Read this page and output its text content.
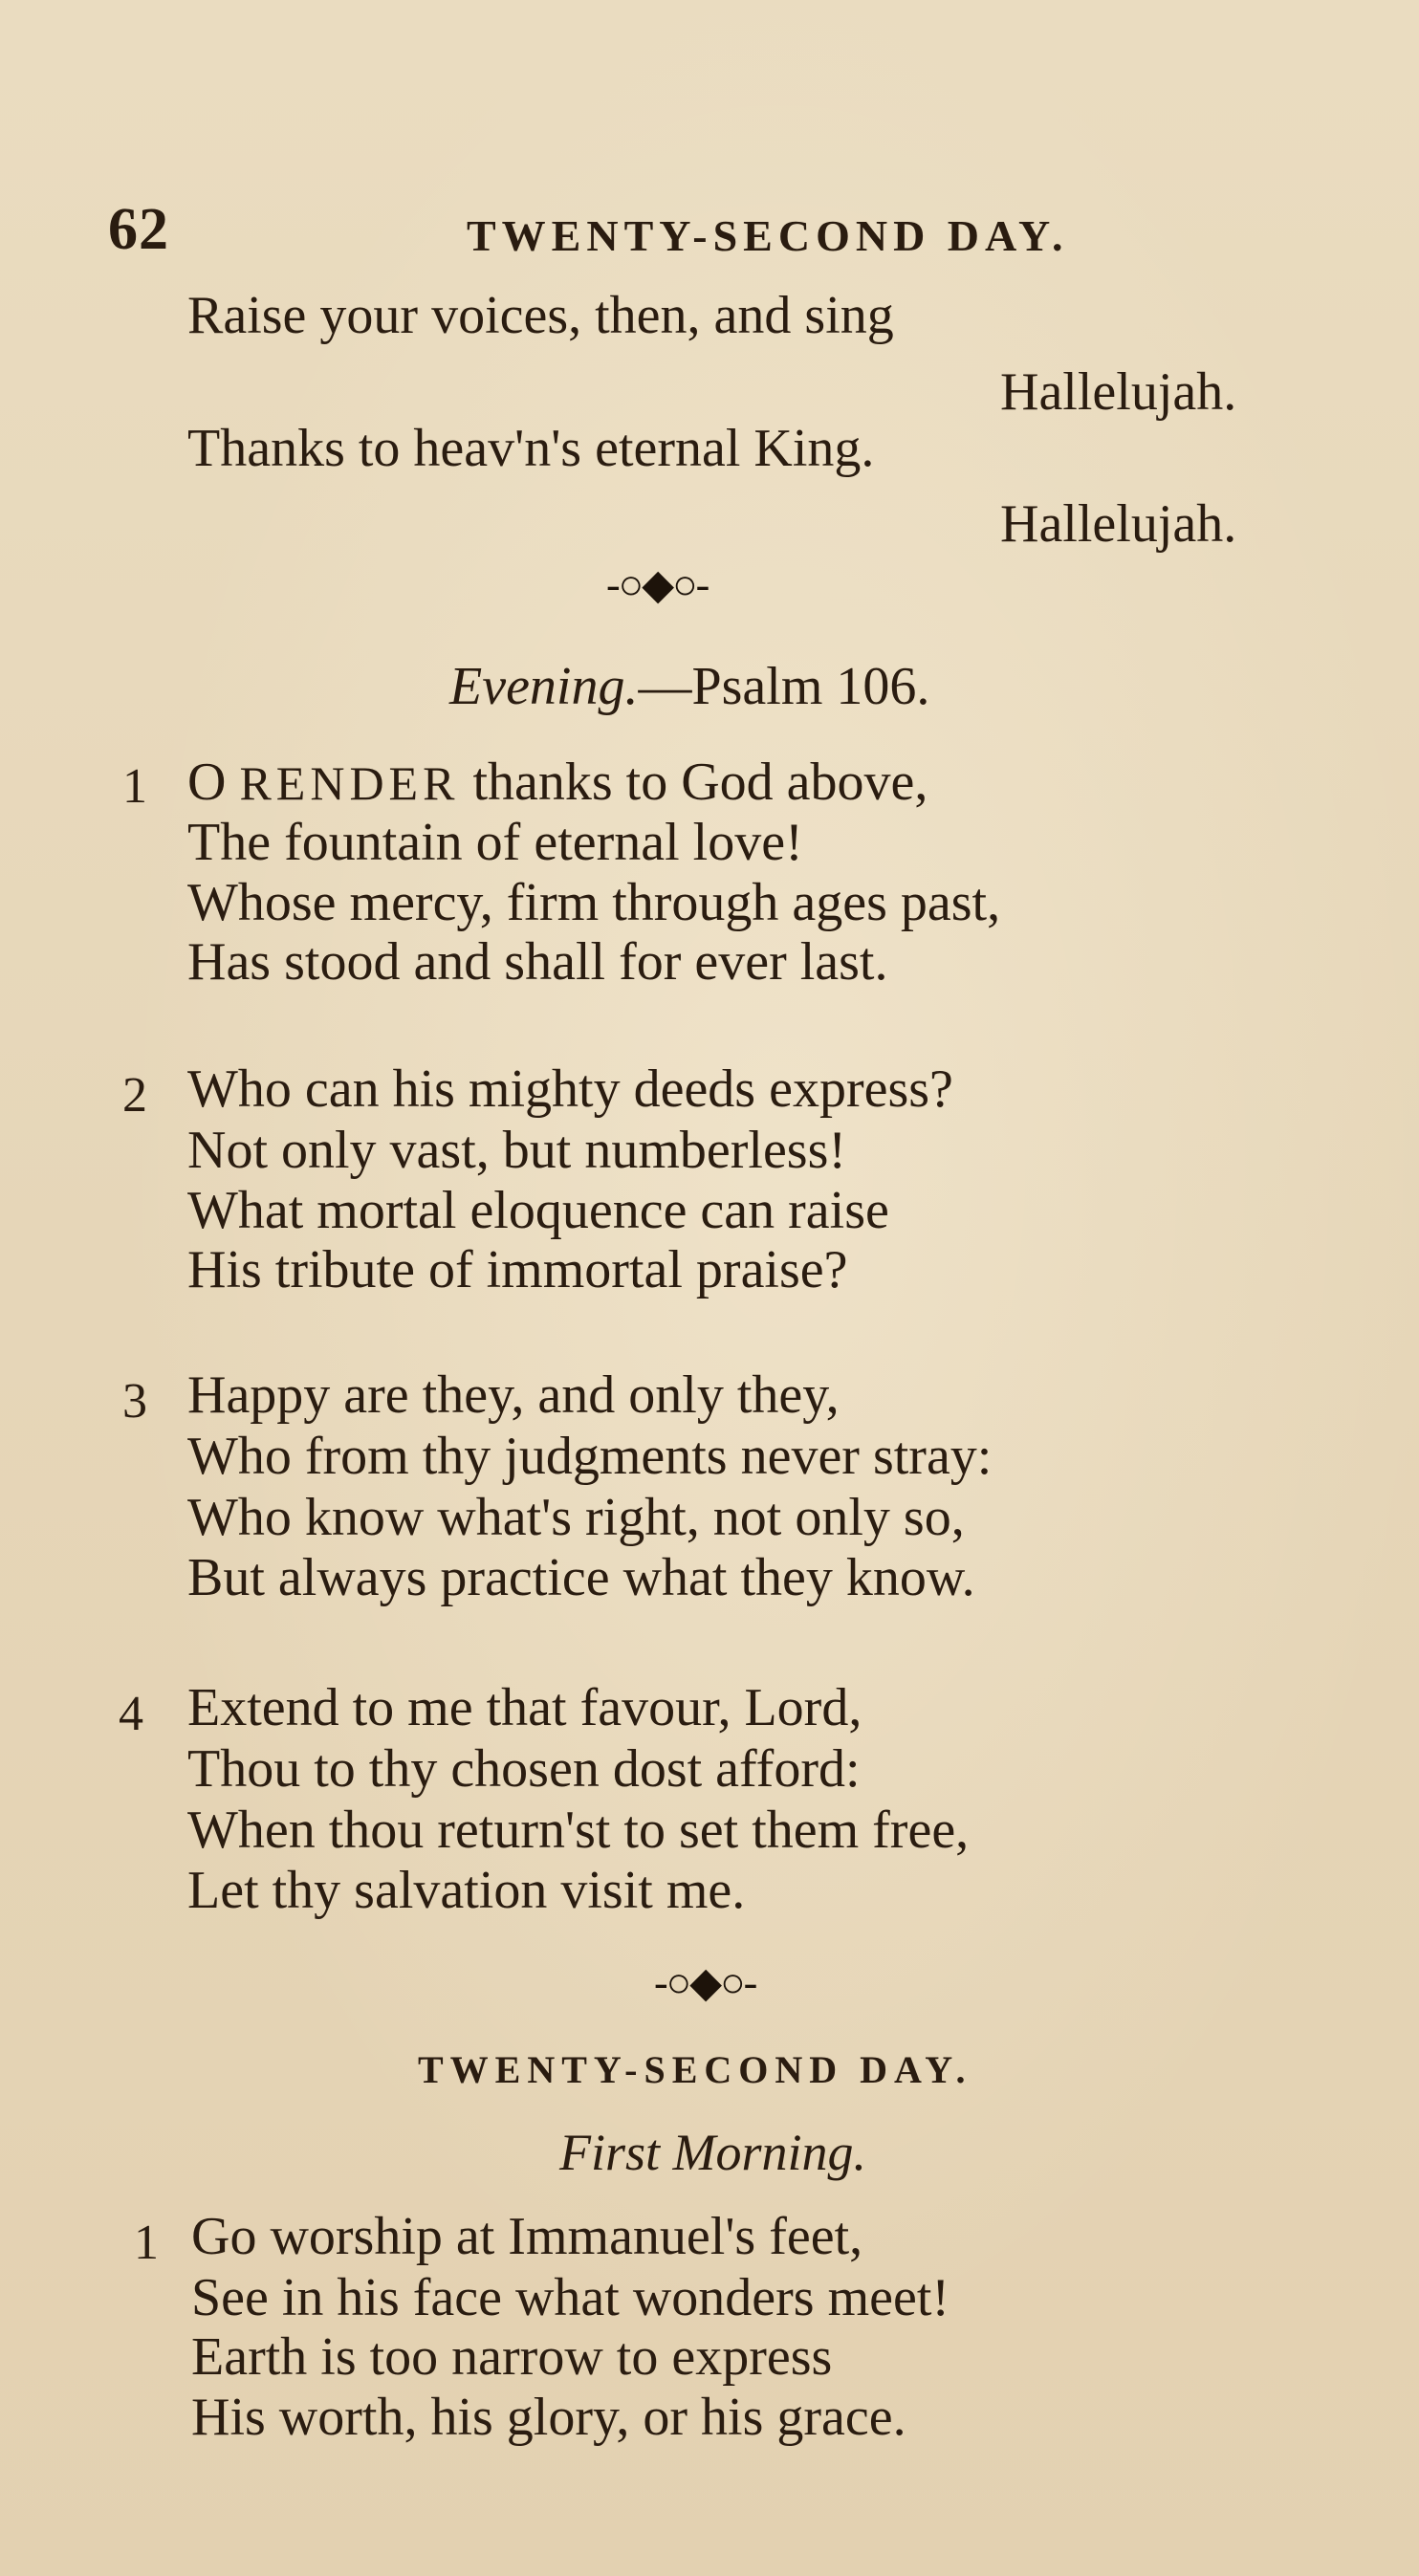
62	TWENTY-SECOND DAY.
Raise your voices, then, and sing
Hallelujah.
Thanks to heav'n's eternal King.
Hallelujah.
-○◆○-
Evening.—Psalm 106.
1 O RENDER thanks to God above,
The fountain of eternal love!
Whose mercy, firm through ages past,
Has stood and shall for ever last.
2 Who can his mighty deeds express?
Not only vast, but numberless!
What mortal eloquence can raise
His tribute of immortal praise?
3 Happy are they, and only they,
Who from thy judgments never stray:
Who know what's right, not only so,
But always practice what they know.
4 Extend to me that favour, Lord,
Thou to thy chosen dost afford:
When thou return'st to set them free,
Let thy salvation visit me.
-○◆○-
TWENTY-SECOND DAY.
First Morning.
1 Go worship at Immanuel's feet,
See in his face what wonders meet!
Earth is too narrow to express
His worth, his glory, or his grace.
